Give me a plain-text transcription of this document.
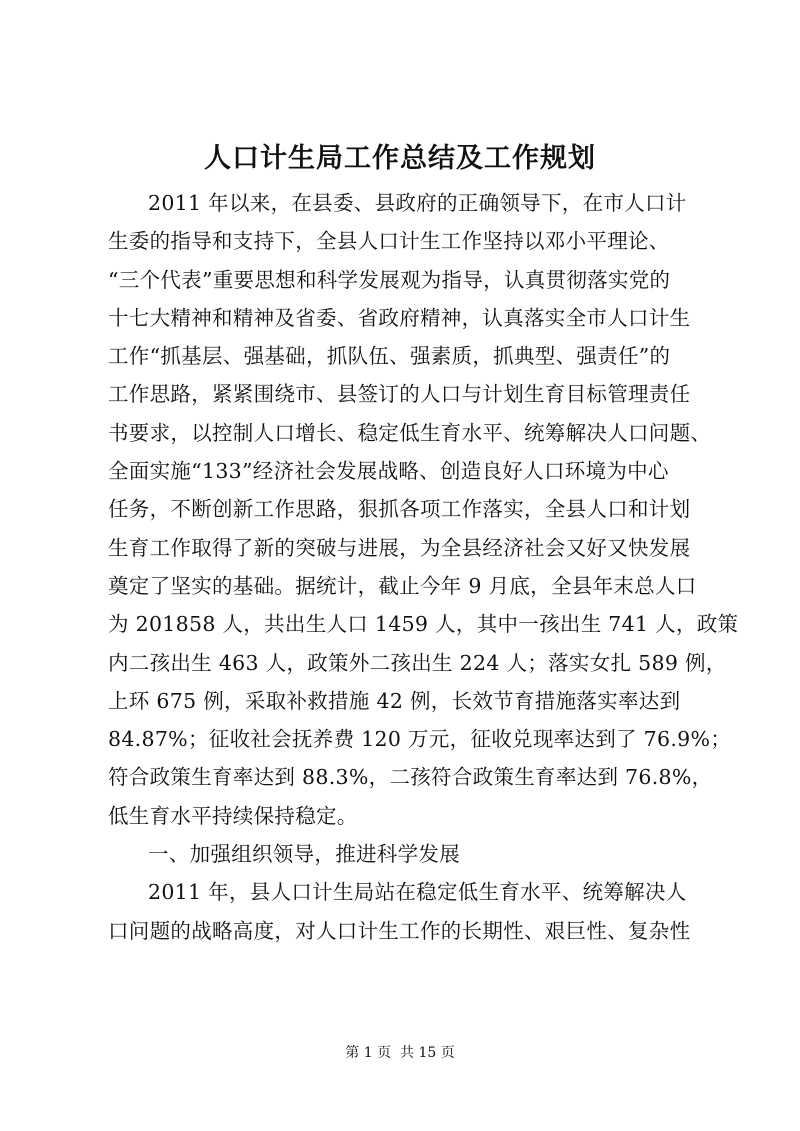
人口计生局工作总结及工作规划
2011 年以来，在县委、县政府的正确领导下，在市人口计
生委的指导和支持下，全县人口计生工作坚持以邓小平理论、
“三个代表”重要思想和科学发展观为指导，认真贯彻落实党的
十七大精神和精神及省委、省政府精神，认真落实全市人口计生
工作“抓基层、强基础，抓队伍、强素质，抓典型、强责任”的
工作思路，紧紧围绕市、县签订的人口与计划生育目标管理责任
书要求，以控制人口增长、稳定低生育水平、统筹解决人口问题、
全面实施“133”经济社会发展战略、创造良好人口环境为中心
任务，不断创新工作思路，狠抓各项工作落实，全县人口和计划
生育工作取得了新的突破与进展，为全县经济社会又好又快发展
奠定了坚实的基础。据统计，截止今年 9 月底，全县年末总人口
为 201858 人，共出生人口 1459 人，其中一孩出生 741 人，政策
内二孩出生 463 人，政策外二孩出生 224 人；落实女扎 589 例，
上环 675 例，采取补救措施 42 例，长效节育措施落实率达到
84.87%；征收社会抚养费 120 万元，征收兑现率达到了 76.9%；
符合政策生育率达到 88.3%，二孩符合政策生育率达到 76.8%，
低生育水平持续保持稳定。
一、加强组织领导，推进科学发展
2011 年，县人口计生局站在稳定低生育水平、统筹解决人
口问题的战略高度，对人口计生工作的长期性、艰巨性、复杂性
第 1 页  共 15 页
